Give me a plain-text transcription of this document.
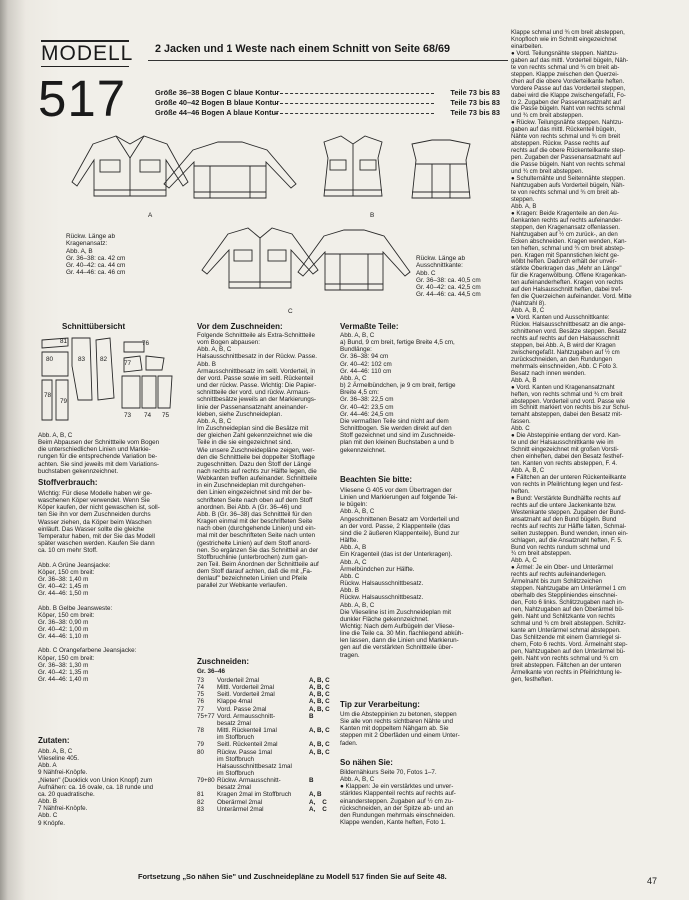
MODELL
517
2 Jacken und 1 Weste nach einem Schnitt von Seite 68/69
Größe 36–38 Bogen C blaue Kontur	Teile 73 bis 83
Größe 40–42 Bogen B blaue Kontur	Teile 73 bis 83
Größe 44–46 Bogen A blaue Kontur	Teile 73 bis 83
A	B
C
Rückw. Länge ab
Kragenansatz:
Abb. A, B
Gr. 36–38: ca. 42 cm
Gr. 40–42: ca. 44 cm
Gr. 44–46: ca. 46 cm
Rückw. Länge ab
Ausschnittkante:
Abb. C
Gr. 36–38: ca. 40,5 cm
Gr. 40–42: ca. 42,5 cm
Gr. 44–46: ca. 44,5 cm
Schnittübersicht
81
83 82
80
78
79
73 74 75
76
77
Abb. A, B, C
Beim Abpausen der Schnittteile vom Bogen
die unterschiedlichen Linien und Markie-
rungen für die entsprechende Variation be-
achten. Sie sind jeweils mit dem Variations-
buchstaben gekennzeichnet.
Stoffverbrauch:
Wichtig: Für diese Modelle haben wir ge-
waschenen Köper verwendet. Wenn Sie
Köper kaufen, der nicht gewaschen ist, soll-
ten Sie ihn vor dem Zuschneiden durchs
Wasser ziehen, da Köper beim Waschen
einläuft. Das Wasser sollte die gleiche
Temperatur haben, mit der Sie das Modell
später waschen werden. Kaufen Sie dann
ca. 10 cm mehr Stoff.

Abb. A Grüne Jeansjacke:
Köper, 150 cm breit:
Gr. 36–38: 1,40 m
Gr. 40–42: 1,45 m
Gr. 44–46: 1,50 m

Abb. B Gelbe Jeansweste:
Köper, 150 cm breit:
Gr. 36–38: 0,90 m
Gr. 40–42: 1,00 m
Gr. 44–46: 1,10 m

Abb. C Orangefarbene Jeansjacke:
Köper, 150 cm breit:
Gr. 36–38: 1,30 m
Gr. 40–42: 1,35 m
Gr. 44–46: 1,40 m
Zutaten:
Abb. A, B, C
Vlieseline 405.
Abb. A
9 Nähfrei-Knöpfe.
„Nieten" (Duoklick von Union Knopf) zum
Aufnähen: ca. 16 ovale, ca. 18 runde und
ca. 20 quadratische.
Abb. B
7 Nähfrei-Knöpfe.
Abb. C
9 Knöpfe.
Vor dem Zuschneiden:
Folgende Schnittteile als Extra-Schnittteile
vom Bogen abpausen:
Abb. A, B, C
Halsausschnittbesatz in der Rückw. Passe.
Abb. B
Armausschnittbesatz im seitl. Vorderteil, in
der vord. Passe sowie im seitl. Rückenteil
und der rückw. Passe. Wichtig: Die Papier-
schnittteile der vord. und rückw. Armaus-
schnittbesätze jeweils an der Markierungs-
linie der Passenansatznaht aneinander-
kleben, siehe Zuschneideplan.
Abb. A, B, C
Im Zuschneideplan sind die Besätze mit
der gleichen Zahl gekennzeichnet wie die
Teile in die sie eingezeichnet sind.
Wie unsere Zuschneidepläne zeigen, wer-
den die Schnittteile bei doppelter Stofflage
zugeschnitten. Dazu den Stoff der Länge
nach rechts auf rechts zur Hälfte legen, die
Webkanten treffen aufeinander. Schnittteile
in ein Zuschneideplan mit durchgehen-
den Linien eingezeichnet sind mit der be-
schrifteten Seite nach oben auf dem Stoff
anordnen. Bei Abb. A (Gr. 36–46) und
Abb. B (Gr. 36–38) das Schnittteil für den
Kragen einmal mit der beschrifteten Seite
nach oben (durchgehende Linien) und ein-
mal mit der beschrifteten Seite nach unten
(gestrichelte Linien) auf dem Stoff anord-
nen. So ergänzen Sie das Schnittteil an der
Stoffbruchlinie (unterbrochen) zum gan-
zen Teil. Beim Anordnen der Schnittteile auf
dem Stoff darauf achten, daß die mit „Fa-
denlauf" bezeichneten Linien und Pfeile
parallel zur Webkante verlaufen.
Zuschneiden:
Gr. 36–46
73 Vorderteil 2mal	A, B, C
74 Mittl. Vorderteil 2mal	A, B, C
75 Seitl. Vorderteil 2mal	A, B, C
76 Klappe 4mal	A, B, C
77 Vord. Passe 2mal	A, B, C
75+77 Vord. Armausschnitt-
besatz 2mal
B
78 Mittl. Rückenteil 1mal
im Stoffbruch
A, B, C
79 Seitl. Rückenteil 2mal	A, B, C
80 Rückw. Passe 1mal
im Stoffbruch
Halsausschnittbesatz 1mal
im Stoffbruch
A, B, C
79+80 Rückw. Armausschnitt-
besatz 2mal
B
81 Kragen 2mal im Stoffbruch	A, B
82 Oberärmel 2mal	A,    C
83 Unterärmel 2mal	A,    C
Vermaßte Teile:
Abb. A, B, C
a) Bund, 9 cm breit, fertige Breite 4,5 cm,
Bundlänge:
Gr. 36–38: 94 cm
Gr. 40–42: 102 cm
Gr. 44–46: 110 cm
Abb. A, C
b) 2 Ärmelbündchen, je 9 cm breit, fertige
Breite 4,5 cm:
Gr. 36–38: 22,5 cm
Gr. 40–42: 23,5 cm
Gr. 44–46: 24,5 cm
Die vermaßten Teile sind nicht auf dem
Schnittbogen. Sie werden direkt auf den
Stoff gezeichnet und sind im Zuschneide-
plan mit den kleinen Buchstaben a und b
gekennzeichnet.
Beachten Sie bitte:
Vliesene G 405 vor dem Übertragen der
Linien und Markierungen auf folgende Tei-
le bügeln:
Abb. A, B, C
Angeschnittenen Besatz am Vorderteil und
an der vord. Passe, 2 Klappenteile (das
sind die 2 äußeren Klappenteile), Bund zur
Hälfte.
Abb. A, B
Ein Kragenteil (das ist der Unterkragen).
Abb. A, C
Ärmelbündchen zur Hälfte.
Abb. C
Rückw. Halsausschnittbesatz.
Abb. B
Rückw. Halsausschnittbesatz.
Abb. A, B, C
Die Vlieseline ist im Zuschneideplan mit
dunkler Fläche gekennzeichnet.
Wichtig: Nach dem Aufbügeln der Vliese-
line die Teile ca. 30 Min. flachliegend abküh-
len lassen, dann die Linien und Markierun-
gen auf die verstärkten Schnittteile über-
tragen.
Tip zur Verarbeitung:
Um die Absteppinien zu betonen, steppen
Sie alle von rechts sichtbaren Nähte und
Kanten mit doppeltem Nähgarn ab. Sie
steppen mit 2 Oberfäden und einem Unter-
faden.
So nähen Sie:
Bildernähkurs Seite 70, Fotos 1–7.
Abb. A, B, C
● Klappen: Je ein verstärktes und unver-
stärktes Klappenteil rechts auf rechts auf-
einandersteppen. Zugaben auf ½ cm zu-
rückschneiden, an der Spitze ab- und an
den Rundungen mehrmals einschneiden.
Klappe wenden, Kante heften, Foto 1.
Klappe schmal und ¾ cm breit absteppen,
Knopfloch wie im Schnitt eingezeichnet
einarbeiten.
● Vord. Teilungsnähte steppen. Nahtzu-
gaben auf das mittl. Vorderteil bügeln, Näh-
te von rechts schmal und ¾ cm breit ab-
steppen. Klappe zwischen den Querzei-
chen auf die obere Vorderteilkante heften.
Vordere Passe auf das Vorderteil steppen,
dabei wird die Klappe zwischengefaßt, Fo-
to 2. Zugaben der Passenansatznaht auf
die Passe bügeln. Naht von rechts schmal
und ¾ cm breit absteppen.
● Rückw. Teilungsnähte steppen. Nahtzu-
gaben auf das mittl. Rückenteil bügeln,
Nähte von rechts schmal und ¾ cm breit
absteppen. Rückw. Passe rechts auf
rechts auf die obere Rückenteilkante step-
pen. Zugaben der Passenansatznaht auf
die Passe bügeln. Naht von rechts schmal
und ¾ cm breit absteppen.
● Schulternähte und Seitennähte steppen.
Nahtzugaben aufs Vorderteil bügeln, Näh-
te von rechts schmal und ¾ cm breit ab-
steppen.
Abb. A, B
● Kragen: Beide Kragenteile an den Au-
ßenkanten rechts auf rechts aufeinander-
steppen, den Kragenansatz offenlassen.
Nahtzugaben auf ½ cm zurück-, an den
Ecken abschneiden. Kragen wenden, Kan-
ten heften, schmal und ¾ cm breit abstep-
pen. Kragen mit Spannstichen leicht ge-
wölbt heften. Dadurch erhält der unver-
stärkte Oberkragen das „Mehr an Länge"
für die Kragenwölbung. Offene Kragenkan-
ten aufeinanderheften. Kragen von rechts
auf den Halsausschnitt heften, dabei tref-
fen die Querzeichen aufeinander. Vord. Mitte
(Nahtzahl 8).
Abb. A, B, C
● Vord. Kanten und Ausschnittkante:
Rückw. Halsausschnittbesatz an die ange-
schnittenen vord. Besätze steppen. Besatz
rechts auf rechts auf den Halsausschnitt
steppen, bei Abb. A, B wird der Kragen
zwischengefaßt. Nahtzugaben auf ½ cm
zurückschneiden, an den Rundungen
mehrmals einschneiden, Abb. C Foto 3.
Besatz nach innen wenden.
Abb. A, B
● Vord. Kanten und Kragenansatznaht
heften, von rechts schmal und ¾ cm breit
absteppen. Vorderteil und vord. Passe wie
im Schnitt markiert von rechts bis zur Schul-
temaht absteppen, dabei den Besatz mit-
fassen.
Abb. C
● Die Absteppinie entlang der vord. Kan-
te und der Halsausschnittkante wie im
Schnitt eingezeichnet mit großen Vorsti-
chen einheften, dabei den Besatz festhef-
ten. Kanten von rechts absteppen, F. 4.
Abb. A, B, C
● Fältchen an der unteren Rückenteilkante
von rechts in Pfeilrichtung legen und fest-
heften.
● Bund: Verstärkte Bundhälfte rechts auf
rechts auf die untere Jackenkante bzw.
Westenkante steppen. Zugaben der Bund-
ansatznaht auf den Bund bügeln. Bund
rechts auf rechts zur Hälfte falten, Schmal-
seiten zusteppen. Bund wenden, innen ein-
schlagen, auf die Ansatznaht heften, F. 5.
Bund von rechts rundum schmal und
¾ cm breit absteppen.
Abb. A, C
● Ärmel: Je ein Ober- und Unterärmel
rechts auf rechts aufeinanderlegen.
Ärmelnaht bis zum Schlitzzeichen
steppen. Nahtzugabe am Unterärmel 1 cm
oberhalb des Steppliniendes einschnei-
den, Foto 6 links. Schlitzzugaben nach in-
nen, Nahtzugaben auf den Oberärmel bü-
geln. Naht und Schlitzkante von rechts
schmal und ¾ cm breit absteppen. Schlitz-
kante am Unterärmel schmal absteppen.
Das Schlitzende mit einem Garnriegel si-
chern, Foto 6 rechts. Vord. Ärmelnaht step-
pen, Nahtzugaben auf den Unterärmel bü-
geln. Naht von rechts schmal und ¾ cm
breit absteppen. Fältchen an der unteren
Ärmelkante von rechts in Pfeilrichtung le-
gen, festheften.
Fortsetzung „So nähen Sie" und Zuschneidepläne zu Modell 517 finden Sie auf Seite 48.	47
